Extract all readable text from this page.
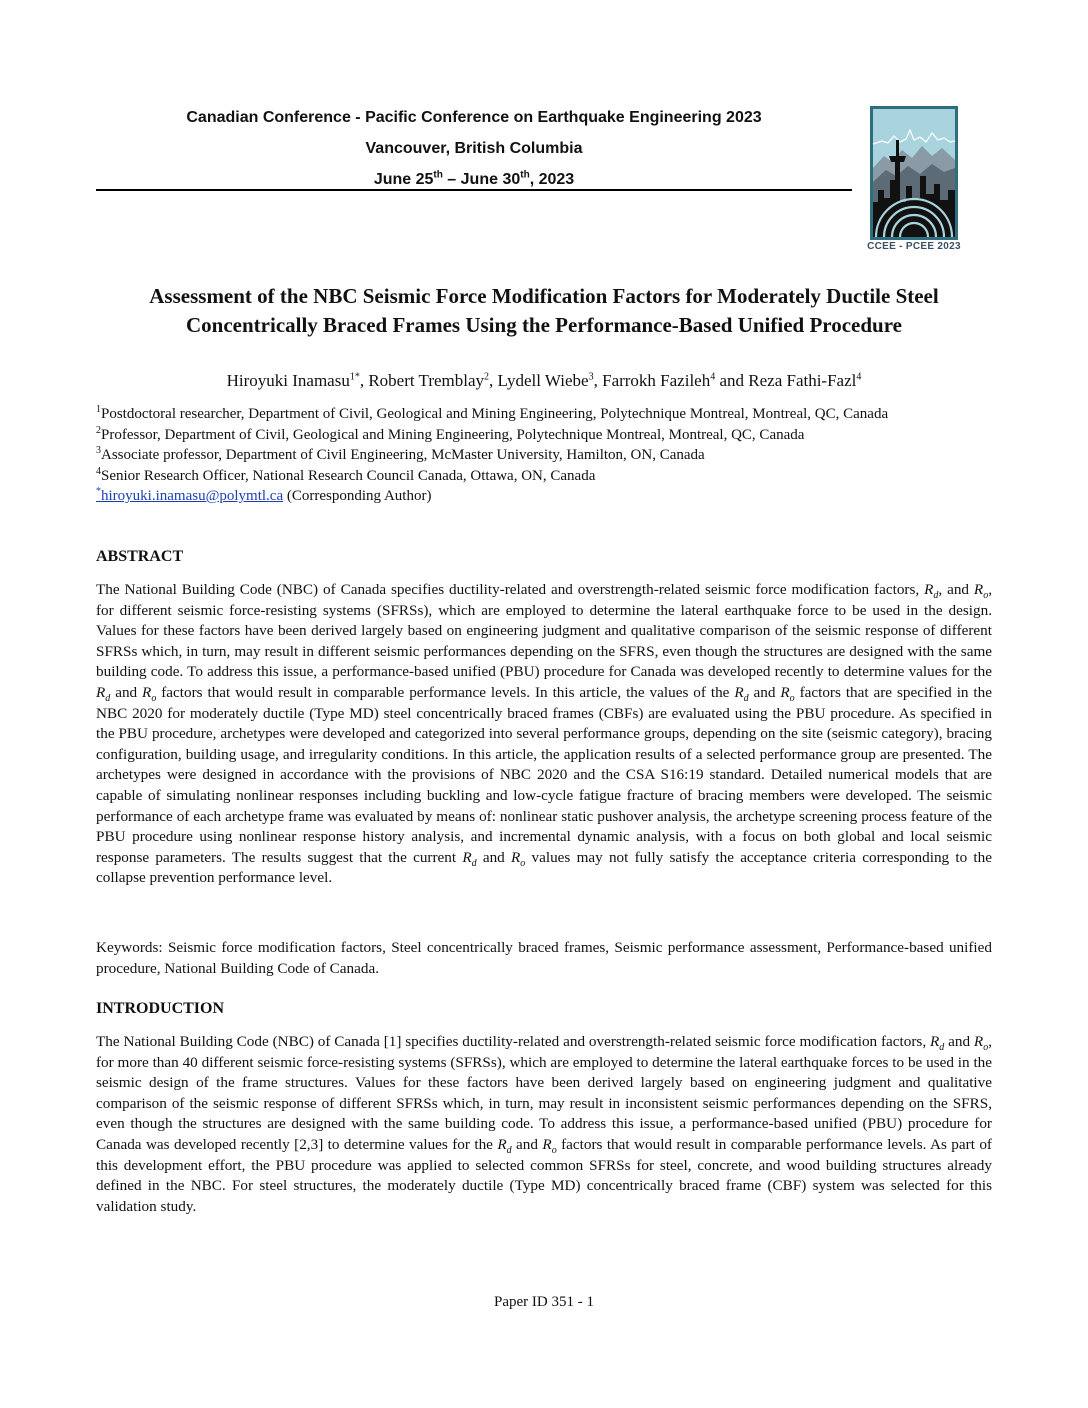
Canadian Conference - Pacific Conference on Earthquake Engineering 2023
Vancouver, British Columbia
June 25th – June 30th, 2023
CCEE - PCEE 2023
Assessment of the NBC Seismic Force Modification Factors for Moderately Ductile Steel
Concentrically Braced Frames Using the Performance-Based Unified Procedure
Hiroyuki Inamasu$^{1*}$, Robert Tremblay$^2$, Lydell Wiebe$^3$, Farrokh Fazileh$^4$ and Reza Fathi-Fazl$^4$

$^1$Postdoctoral researcher, Department of Civil, Geological and Mining Engineering, Polytechnique Montreal, Montreal, QC, Canada

$^2$Professor, Department of Civil, Geological and Mining Engineering, Polytechnique Montreal, Montreal, QC, Canada

$^3$Associate professor, Department of Civil Engineering, McMaster University, Hamilton, ON, Canada

$^4$Senior Research Officer, National Research Council Canada, Ottawa, ON, Canada

*hiroyuki.inamasu@polymtl.ca (Corresponding Author)

ABSTRACT

The National Building Code (NBC) of Canada specifies ductility-related and overstrength-related seismic force modification factors, $R_d$, and $R_o$, for different seismic force-resisting systems (SFRSs), which are employed to determine the lateral earthquake force to be used in the design. Values for these factors have been derived largely based on engineering judgment and qualitative comparison of the seismic response of different SFRSs which, in turn, may result in different seismic performances depending on the SFRS, even though the structures are designed with the same building code. To address this issue, a performance-based unified (PBU) procedure for Canada was developed recently to determine values for the $R_d$ and $R_o$ factors that would result in comparable performance levels. In this article, the values of the $R_d$ and $R_o$ factors that are specified in the NBC 2020 for moderately ductile (Type MD) steel concentrically braced frames (CBFs) are evaluated using the PBU procedure. As specified in the PBU procedure, archetypes were developed and categorized into several performance groups, depending on the site (seismic category), bracing configuration, building usage, and irregularity conditions. In this article, the application results of a selected performance group are presented. The archetypes were designed in accordance with the provisions of NBC 2020 and the CSA S16:19 standard. Detailed numerical models that are capable of simulating nonlinear responses including buckling and low-cycle fatigue fracture of bracing members were developed. The seismic performance of each archetype frame was evaluated by means of: nonlinear static pushover analysis, the archetype screening process feature of the PBU procedure using nonlinear response history analysis, and incremental dynamic analysis, with a focus on both global and local seismic response parameters. The results suggest that the current $R_d$ and $R_o$ values may not fully satisfy the acceptance criteria corresponding to the collapse prevention performance level.

Keywords: Seismic force modification factors, Steel concentrically braced frames, Seismic performance assessment, Performance-based unified procedure, National Building Code of Canada.

INTRODUCTION

The National Building Code (NBC) of Canada [1] specifies ductility-related and overstrength-related seismic force modification factors, $R_d$ and $R_o$, for more than 40 different seismic force-resisting systems (SFRSs), which are employed to determine the lateral earthquake forces to be used in the seismic design of the frame structures. Values for these factors have been derived largely based on engineering judgment and qualitative comparison of the seismic response of different SFRSs which, in turn, may result in inconsistent seismic performances depending on the SFRS, even though the structures are designed with the same building code. To address this issue, a performance-based unified (PBU) procedure for Canada was developed recently [2,3] to determine values for the $R_d$ and $R_o$ factors that would result in comparable performance levels. As part of this development effort, the PBU procedure was applied to selected common SFRSs for steel, concrete, and wood building structures already defined in the NBC. For steel structures, the moderately ductile (Type MD) concentrically braced frame (CBF) system was selected for this validation study.

Paper ID 351 - 1
